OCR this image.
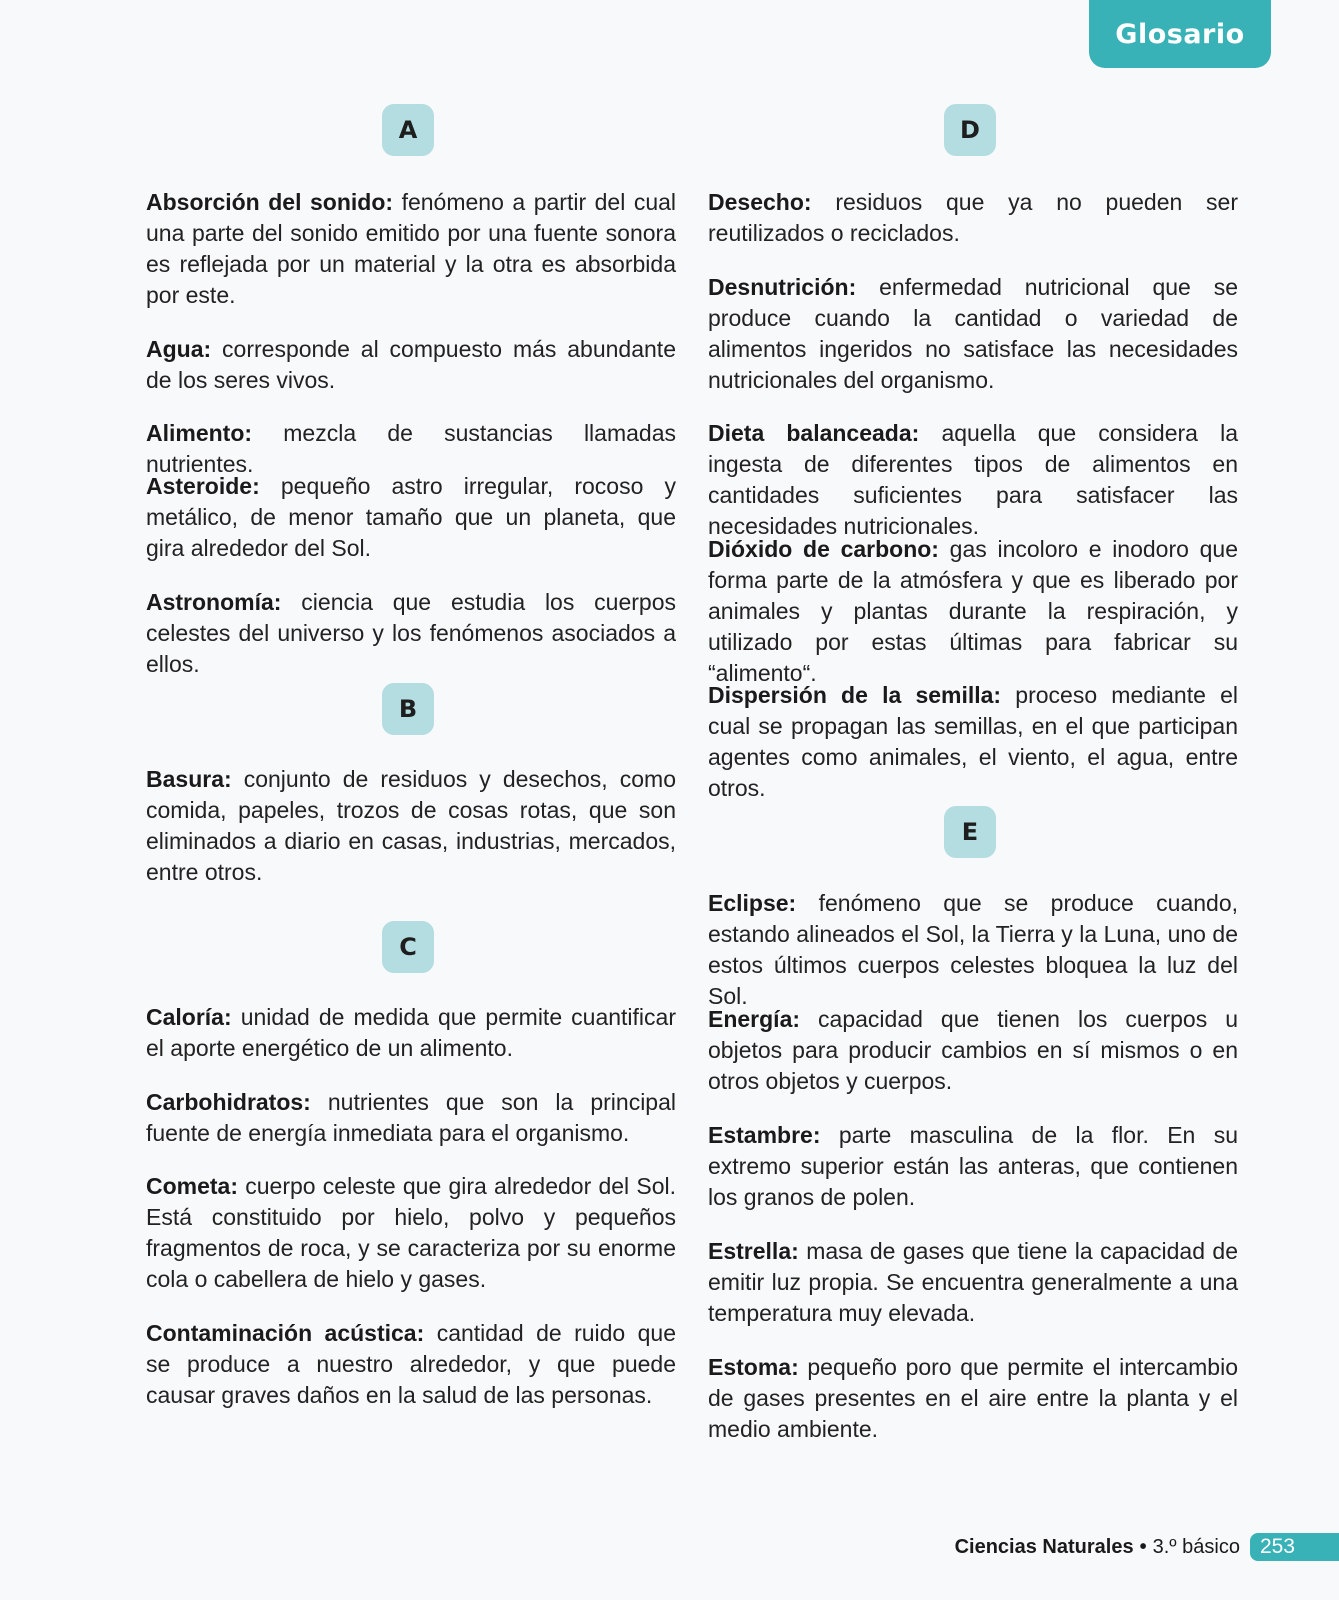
Glosario
A

Absorción del sonido: fenómeno a partir del cual una parte del sonido emitido por una fuente sonora es reflejada por un material y la otra es absorbida por este.

Agua: corresponde al compuesto más abundante de los seres vivos.

Alimento: mezcla de sustancias llamadas nutrientes.

Asteroide: pequeño astro irregular, rocoso y metálico, de menor tamaño que un planeta, que gira alrededor del Sol.

Astronomía: ciencia que estudia los cuerpos celestes del universo y los fenómenos asociados a ellos.

B

Basura: conjunto de residuos y desechos, como comida, papeles, trozos de cosas rotas, que son eliminados a diario en casas, industrias, mercados, entre otros.

C

Caloría: unidad de medida que permite cuantificar el aporte energético de un alimento.

Carbohidratos: nutrientes que son la principal fuente de energía inmediata para el organismo.

Cometa: cuerpo celeste que gira alrededor del Sol. Está constituido por hielo, polvo y pequeños fragmentos de roca, y se caracteriza por su enorme cola o cabellera de hielo y gases.

Contaminación acústica: cantidad de ruido que se produce a nuestro alrededor, y que puede causar graves daños en la salud de las personas.

D

Desecho: residuos que ya no pueden ser reutilizados o reciclados.

Desnutrición: enfermedad nutricional que se produce cuando la cantidad o variedad de alimentos ingeridos no satisface las necesidades nutricionales del organismo.

Dieta balanceada: aquella que considera la ingesta de diferentes tipos de alimentos en cantidades suficientes para satisfacer las necesidades nutricionales.

Dióxido de carbono: gas incoloro e inodoro que forma parte de la atmósfera y que es liberado por animales y plantas durante la respiración, y utilizado por estas últimas para fabricar su “alimento“.

Dispersión de la semilla: proceso mediante el cual se propagan las semillas, en el que participan agentes como animales, el viento, el agua, entre otros.

E

Eclipse: fenómeno que se produce cuando, estando alineados el Sol, la Tierra y la Luna, uno de estos últimos cuerpos celestes bloquea la luz del Sol.

Energía: capacidad que tienen los cuerpos u objetos para producir cambios en sí mismos o en otros objetos y cuerpos.

Estambre: parte masculina de la flor. En su extremo superior están las anteras, que contienen los granos de polen.

Estrella: masa de gases que tiene la capacidad de emitir luz propia. Se encuentra generalmente a una temperatura muy elevada.

Estoma: pequeño poro que permite el intercambio de gases presentes en el aire entre la planta y el medio ambiente.

Ciencias Naturales • 3.º básico 253
